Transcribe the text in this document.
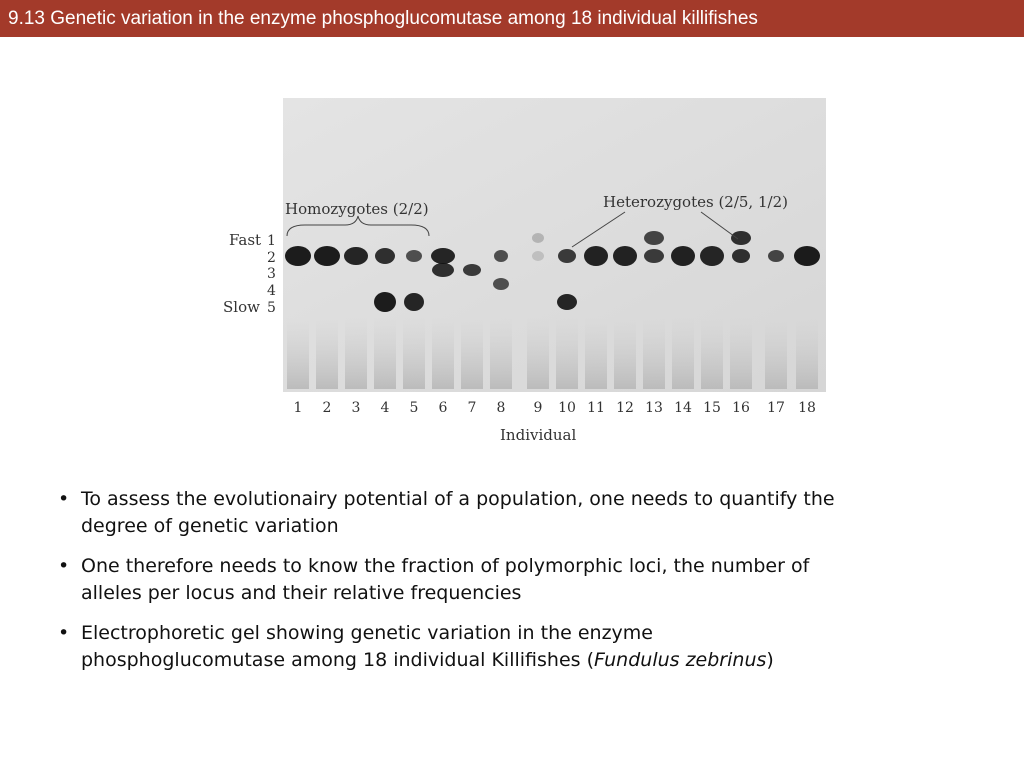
9.13 Genetic variation in the enzyme phosphoglucomutase among 18 individual killifishes
Homozygotes (2/2)	Heterozygotes (2/5, 1/2)
Fast
Slow
1
2
3
4
5
1 2 3 4 5 6 7 8 9 10 11 12 13 14 15 16 17 18
Individual
• To assess the evolutionairy potential of a population, one needs to quantify the degree of genetic variation
• One therefore needs to know the fraction of polymorphic loci, the number of alleles per locus and their relative frequencies
• Electrophoretic gel showing genetic variation in the enzyme phosphoglucomutase among 18 individual Killifishes (Fundulus zebrinus)
